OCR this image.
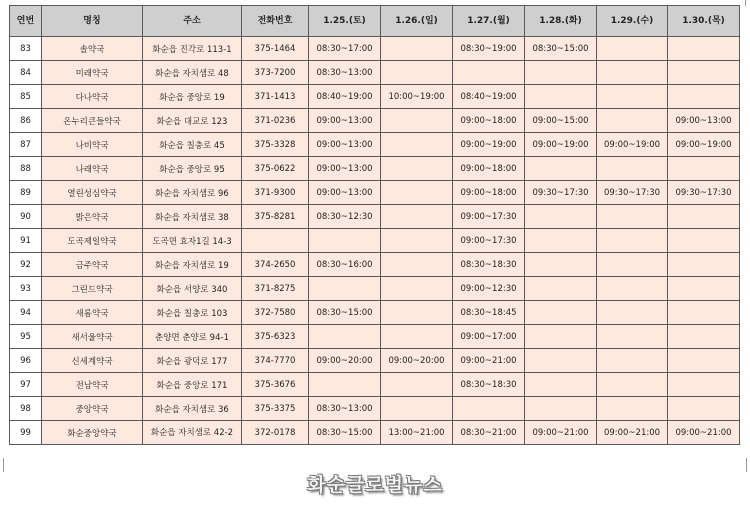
연번	명칭	주소	전화번호	1.25.(토)	1.26.(일)	1.27.(월)	1.28.(화)	1.29.(수)	1.30.(목)
83	솔약국	화순읍 진각로 113-1	375-1464	08:30~17:00		08:30~19:00	08:30~15:00		
84	미래약국	화순읍 자치샘로 48	373-7200	08:30~13:00					
85	다나약국	화순읍 중앙로 19	371-1413	08:40~19:00	10:00~19:00	08:40~19:00			
86	온누리큰들약국	화순읍 대교로 123	371-0236	09:00~13:00		09:00~18:00	09:00~15:00		09:00~13:00
87	나비약국	화순읍 칠충로 45	375-3328	09:00~13:00		09:00~19:00	09:00~19:00	09:00~19:00	09:00~19:00
88	나래약국	화순읍 중앙로 95	375-0622	09:00~13:00		09:00~18:00			
89	열린성심약국	화순읍 자치샘로 96	371-9300	09:00~13:00		09:00~18:00	09:30~17:30	09:30~17:30	09:30~17:30
90	밝은약국	화순읍 자치샘로 38	375-8281	08:30~12:30		09:00~17:30			
91	도곡제일약국	도곡면 효자1길 14-3				09:00~17:30			
92	금주약국	화순읍 자치샘로 19	374-2650	08:30~16:00		08:30~18:30			
93	그린드약국	화순읍 서양로 340	371-8275			09:00~12:30			
94	새롬약국	화순읍 칠충로 103	372-7580	08:30~15:00		08:30~18:45			
95	새서울약국	춘양면 춘양로 94-1	375-6323			09:00~17:00			
96	신세계약국	화순읍 광덕로 177	374-7770	09:00~20:00	09:00~20:00	09:00~21:00			
97	전남약국	화순읍 중앙로 171	375-3676			08:30~18:30			
98	중앙약국	화순읍 자치샘로 36	375-3375	08:30~13:00					
99	화순중앙약국	화순읍 자치샘로 42-2	372-0178	08:30~15:00	13:00~21:00	08:30~21:00	09:00~21:00	09:00~21:00	09:00~21:00
화순글로벌뉴스
